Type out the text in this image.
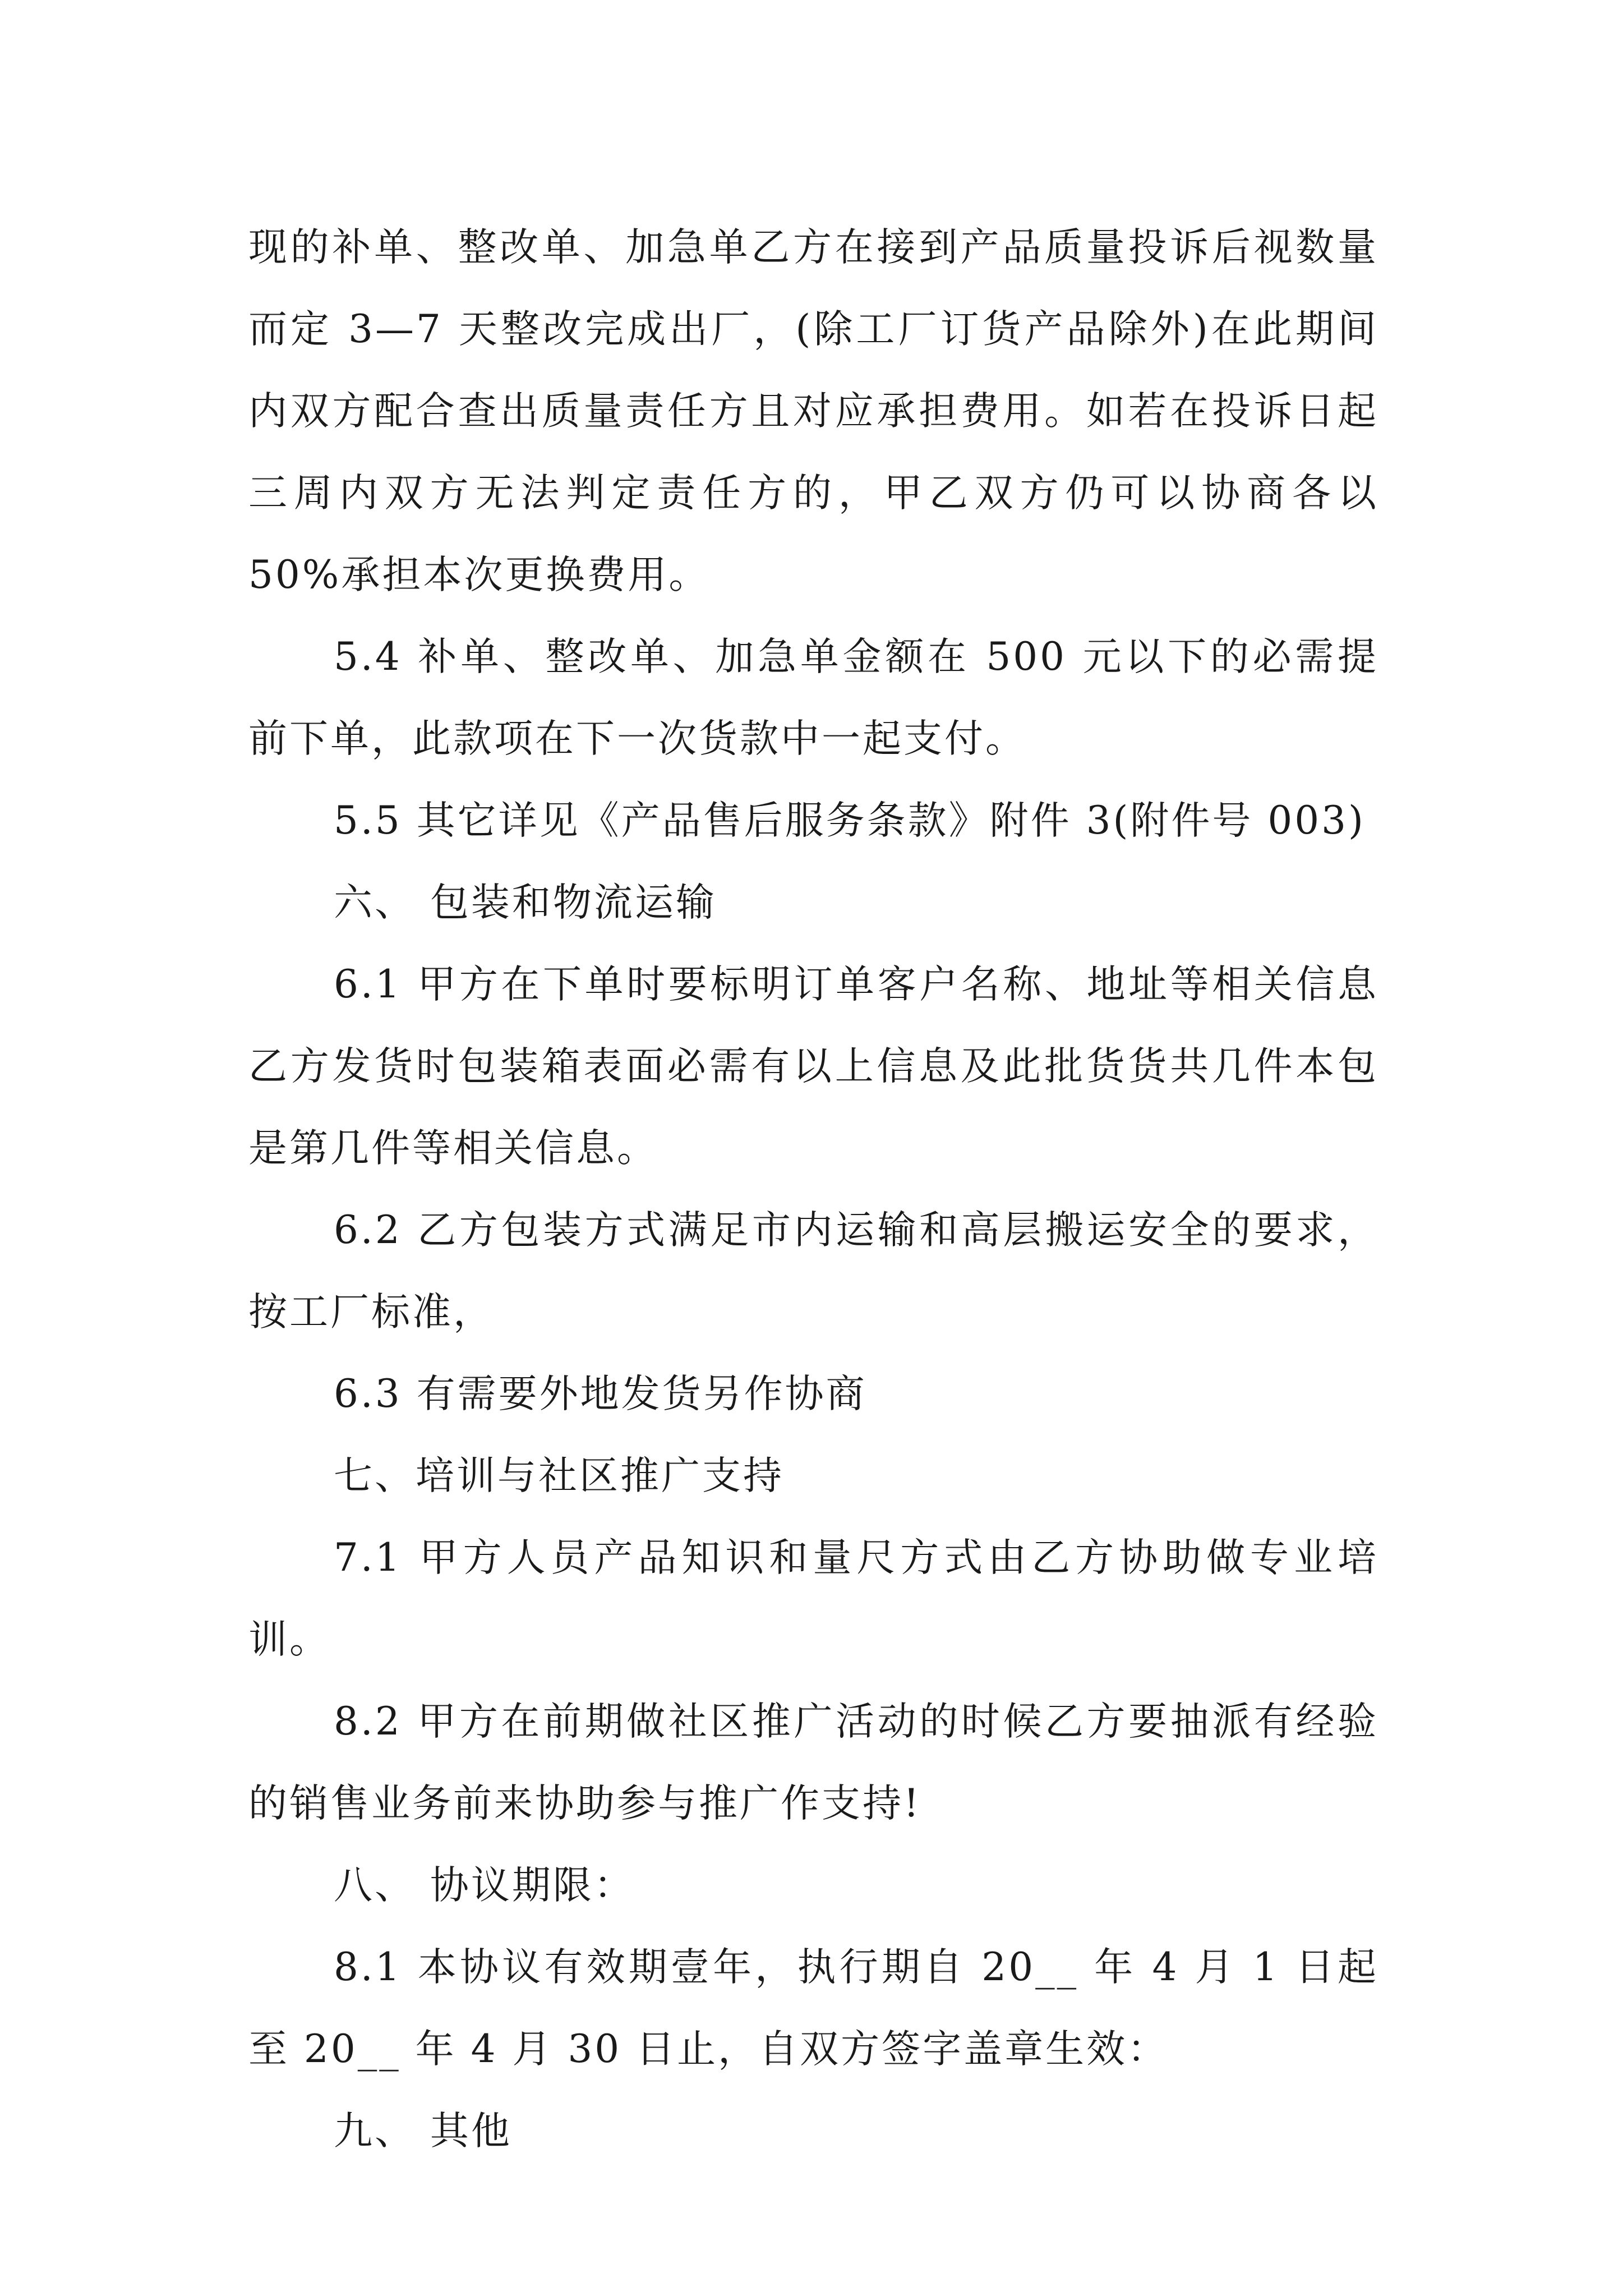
现的补单、整改单、加急单乙方在接到产品质量投诉后视数量而定 3—7 天整改完成出厂，(除工厂订货产品除外)在此期间内双方配合查出质量责任方且对应承担费用。如若在投诉日起三周内双方无法判定责任方的，甲乙双方仍可以协商各以 50%承担本次更换费用。

5.4 补单、整改单、加急单金额在 500 元以下的必需提前下单，此款项在下一次货款中一起支付。

5.5 其它详见《产品售后服务条款》附件 3(附件号 003)

六、 包装和物流运输

6.1 甲方在下单时要标明订单客户名称、地址等相关信息乙方发货时包装箱表面必需有以上信息及此批货货共几件本包是第几件等相关信息。

6.2 乙方包装方式满足市内运输和高层搬运安全的要求，按工厂标准，

6.3 有需要外地发货另作协商

七、培训与社区推广支持

7.1 甲方人员产品知识和量尺方式由乙方协助做专业培训。

8.2 甲方在前期做社区推广活动的时候乙方要抽派有经验的销售业务前来协助参与推广作支持!

八、 协议期限：

8.1 本协议有效期壹年，执行期自 20__ 年 4 月 1 日起至 20__ 年 4 月 30 日止，自双方签字盖章生效：

九、 其他
